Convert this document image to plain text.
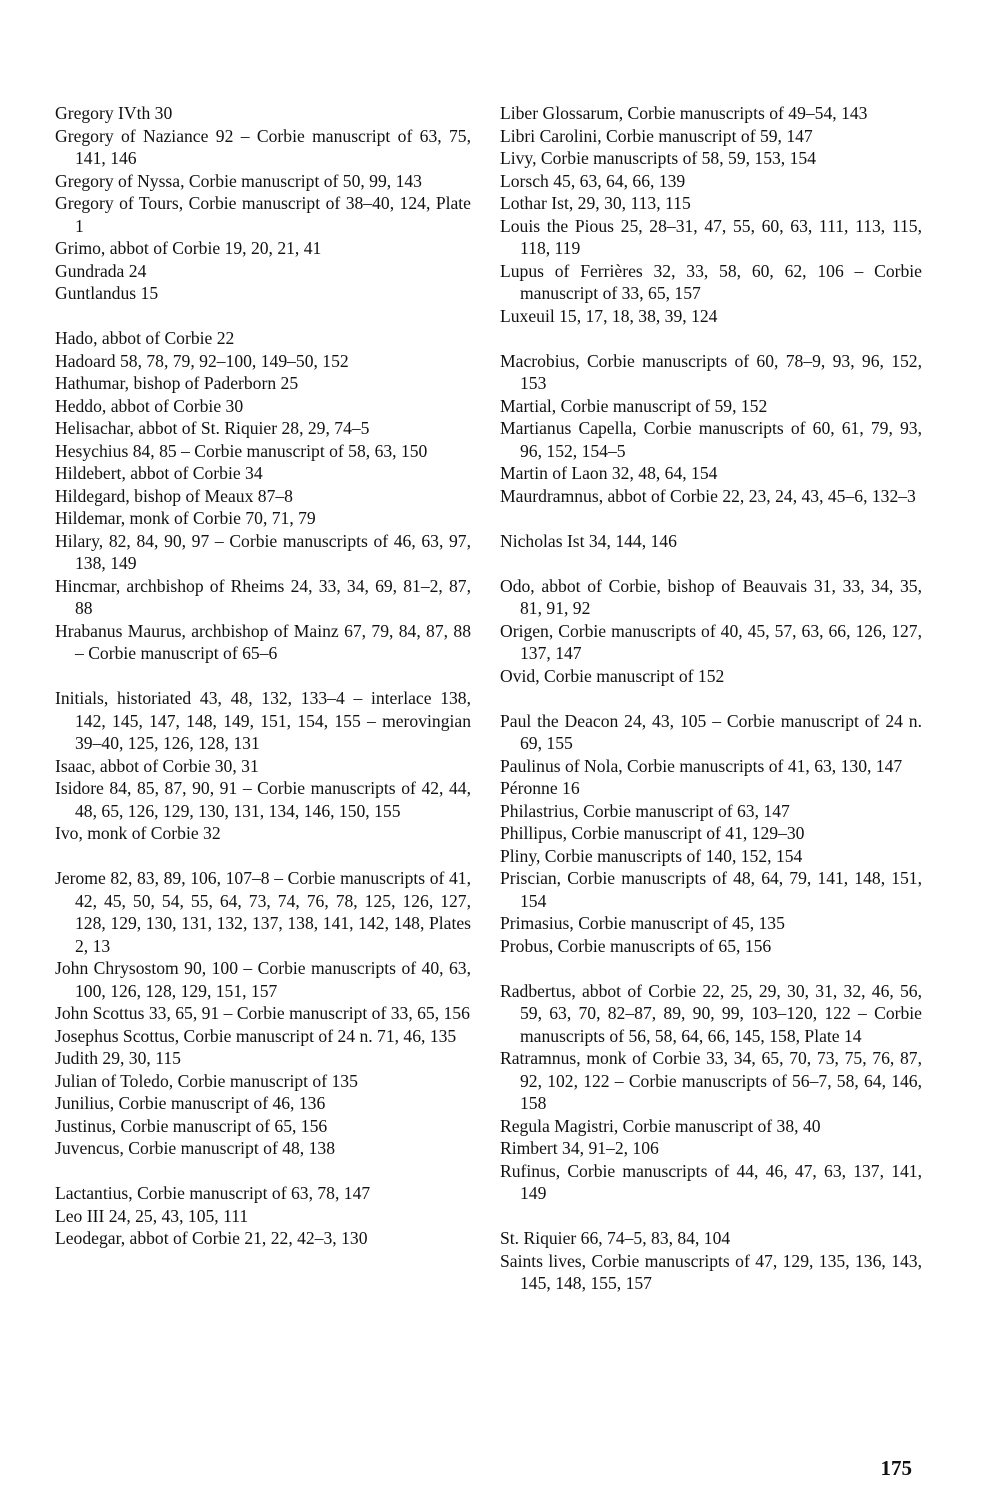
Gregory IVth 30
Gregory of Naziance 92 – Corbie manuscript of 63, 75, 141, 146
Gregory of Nyssa, Corbie manuscript of 50, 99, 143
Gregory of Tours, Corbie manuscript of 38–40, 124, Plate 1
Grimo, abbot of Corbie 19, 20, 21, 41
Gundrada 24
Guntlandus 15
Hado, abbot of Corbie 22
Hadoard 58, 78, 79, 92–100, 149–50, 152
Hathumar, bishop of Paderborn 25
Heddo, abbot of Corbie 30
Helisachar, abbot of St. Riquier 28, 29, 74–5
Hesychius 84, 85 – Corbie manuscript of 58, 63, 150
Hildebert, abbot of Corbie 34
Hildegard, bishop of Meaux 87–8
Hildemar, monk of Corbie 70, 71, 79
Hilary, 82, 84, 90, 97 – Corbie manuscripts of 46, 63, 97, 138, 149
Hincmar, archbishop of Rheims 24, 33, 34, 69, 81–2, 87, 88
Hrabanus Maurus, archbishop of Mainz 67, 79, 84, 87, 88 – Corbie manuscript of 65–6
Initials, historiated 43, 48, 132, 133–4 – interlace 138, 142, 145, 147, 148, 149, 151, 154, 155 – merovingian 39–40, 125, 126, 128, 131
Isaac, abbot of Corbie 30, 31
Isidore 84, 85, 87, 90, 91 – Corbie manuscripts of 42, 44, 48, 65, 126, 129, 130, 131, 134, 146, 150, 155
Ivo, monk of Corbie 32
Jerome 82, 83, 89, 106, 107–8 – Corbie manuscripts of 41, 42, 45, 50, 54, 55, 64, 73, 74, 76, 78, 125, 126, 127, 128, 129, 130, 131, 132, 137, 138, 141, 142, 148, Plates 2, 13
John Chrysostom 90, 100 – Corbie manuscripts of 40, 63, 100, 126, 128, 129, 151, 157
John Scottus 33, 65, 91 – Corbie manuscript of 33, 65, 156
Josephus Scottus, Corbie manuscript of 24 n. 71, 46, 135
Judith 29, 30, 115
Julian of Toledo, Corbie manuscript of 135
Junilius, Corbie manuscript of 46, 136
Justinus, Corbie manuscript of 65, 156
Juvencus, Corbie manuscript of 48, 138
Lactantius, Corbie manuscript of 63, 78, 147
Leo III 24, 25, 43, 105, 111
Leodegar, abbot of Corbie 21, 22, 42–3, 130
Liber Glossarum, Corbie manuscripts of 49–54, 143
Libri Carolini, Corbie manuscript of 59, 147
Livy, Corbie manuscripts of 58, 59, 153, 154
Lorsch 45, 63, 64, 66, 139
Lothar Ist, 29, 30, 113, 115
Louis the Pious 25, 28–31, 47, 55, 60, 63, 111, 113, 115, 118, 119
Lupus of Ferrières 32, 33, 58, 60, 62, 106 – Corbie manuscript of 33, 65, 157
Luxeuil 15, 17, 18, 38, 39, 124
Macrobius, Corbie manuscripts of 60, 78–9, 93, 96, 152, 153
Martial, Corbie manuscript of 59, 152
Martianus Capella, Corbie manuscripts of 60, 61, 79, 93, 96, 152, 154–5
Martin of Laon 32, 48, 64, 154
Maurdramnus, abbot of Corbie 22, 23, 24, 43, 45–6, 132–3
Nicholas Ist 34, 144, 146
Odo, abbot of Corbie, bishop of Beauvais 31, 33, 34, 35, 81, 91, 92
Origen, Corbie manuscripts of 40, 45, 57, 63, 66, 126, 127, 137, 147
Ovid, Corbie manuscript of 152
Paul the Deacon 24, 43, 105 – Corbie manuscript of 24 n. 69, 155
Paulinus of Nola, Corbie manuscripts of 41, 63, 130, 147
Péronne 16
Philastrius, Corbie manuscript of 63, 147
Phillipus, Corbie manuscript of 41, 129–30
Pliny, Corbie manuscripts of 140, 152, 154
Priscian, Corbie manuscripts of 48, 64, 79, 141, 148, 151, 154
Primasius, Corbie manuscript of 45, 135
Probus, Corbie manuscripts of 65, 156
Radbertus, abbot of Corbie 22, 25, 29, 30, 31, 32, 46, 56, 59, 63, 70, 82–87, 89, 90, 99, 103–120, 122 – Corbie manuscripts of 56, 58, 64, 66, 145, 158, Plate 14
Ratramnus, monk of Corbie 33, 34, 65, 70, 73, 75, 76, 87, 92, 102, 122 – Corbie manuscripts of 56–7, 58, 64, 146, 158
Regula Magistri, Corbie manuscript of 38, 40
Rimbert 34, 91–2, 106
Rufinus, Corbie manuscripts of 44, 46, 47, 63, 137, 141, 149
St. Riquier 66, 74–5, 83, 84, 104
Saints lives, Corbie manuscripts of 47, 129, 135, 136, 143, 145, 148, 155, 157
175
